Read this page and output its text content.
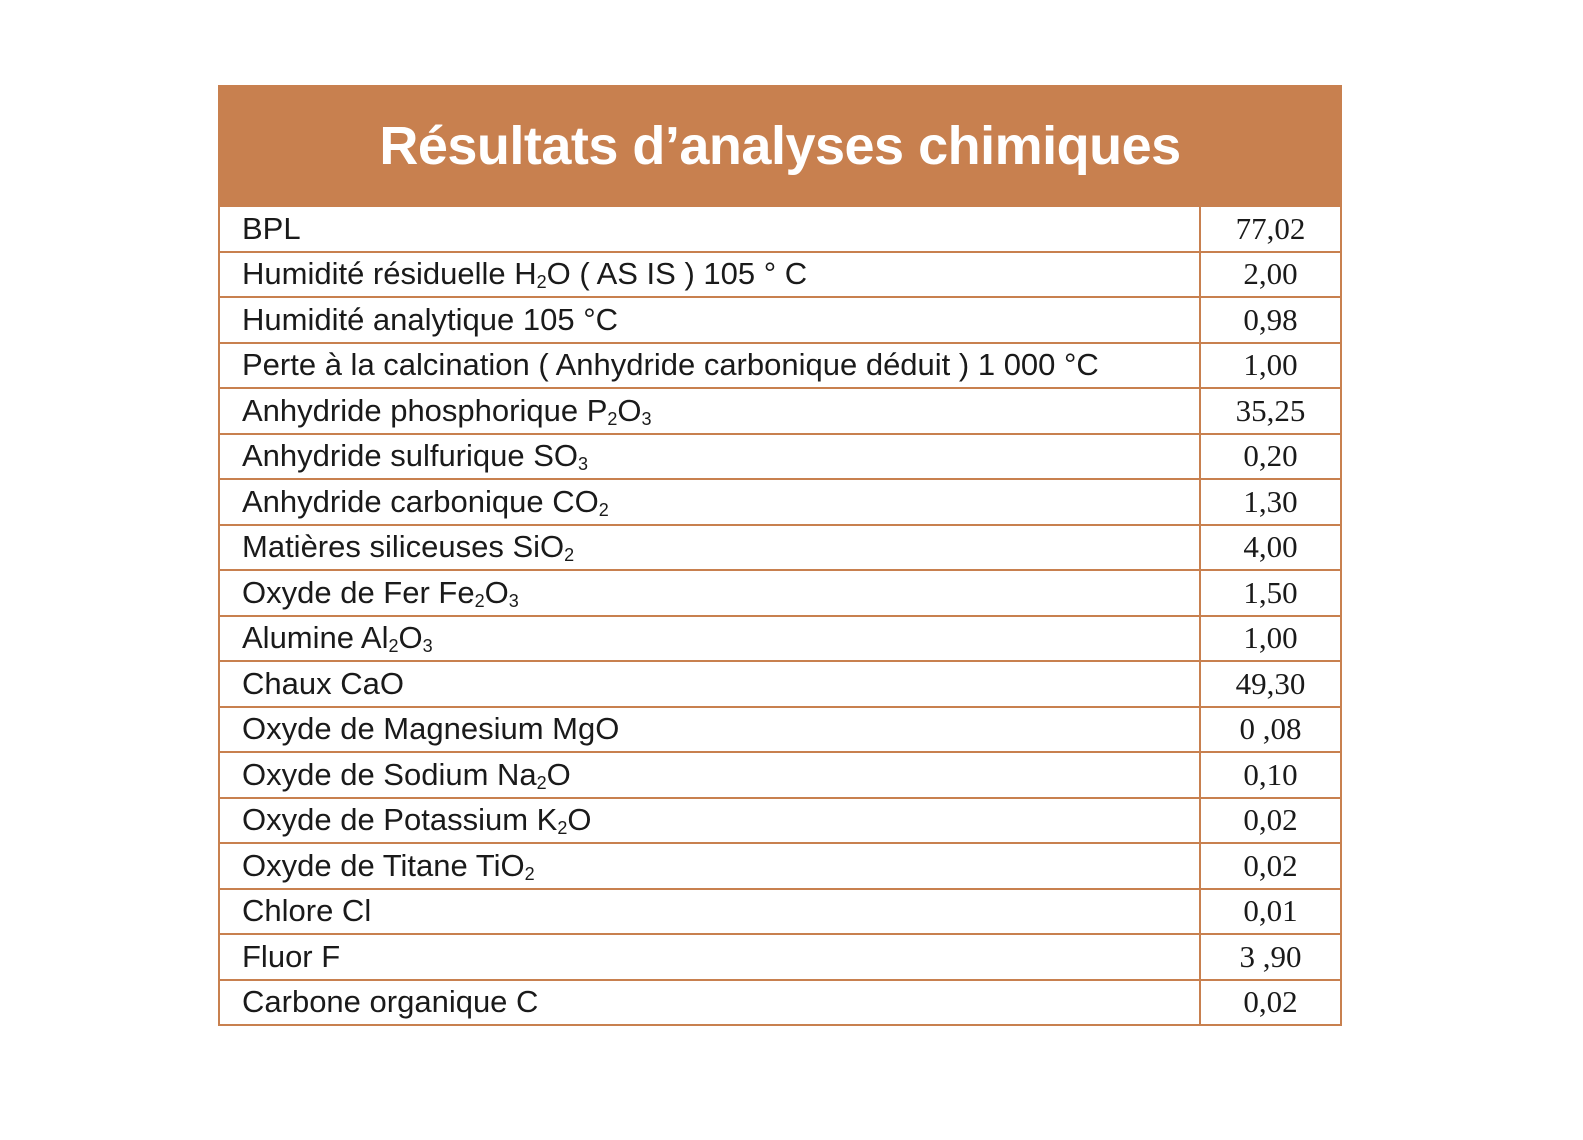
Résultats d’analyses chimiques
BPL	77,02
Humidité résiduelle $H_2O$ ( AS IS ) 105 ° C	2,00
Humidité analytique 105 °C	0,98
Perte à la calcination ( Anhydride carbonique déduit ) 1 000 °C	1,00
Anhydride phosphorique $P_2O_3$	35,25
Anhydride sulfurique $SO_3$	0,20
Anhydride carbonique $CO_2$	1,30
Matières siliceuses SiO$_2$	4,00
Oxyde de Fer $Fe_2O_3$	1,50
Alumine $Al_2O_3$	1,00
Chaux CaO	49,30
Oxyde de Magnesium MgO	0 ,08
Oxyde de Sodium $Na_2O$	0,10
Oxyde de Potassium $K_2O$	0,02
Oxyde de Titane TiO$_2$	0,02
Chlore Cl	0,01
Fluor F	3 ,90
Carbone organique C	0,02
